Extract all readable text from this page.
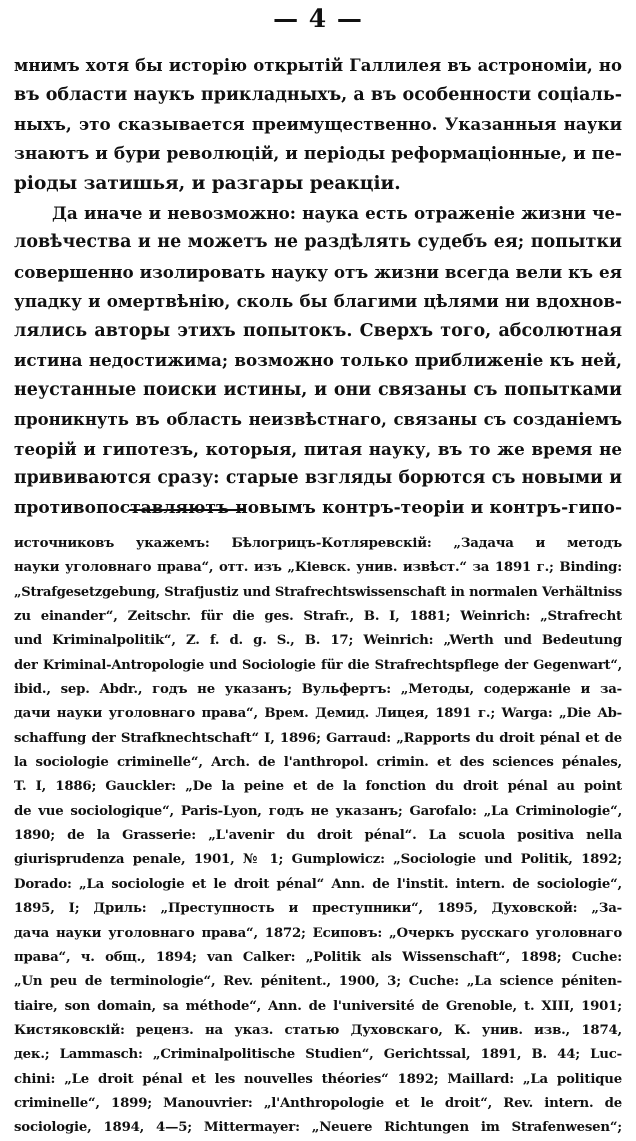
— 4 —
мнимъ хотя бы исторію открытій Галлилея въ астрономіи, но
въ области наукъ прикладныхъ, а въ особенности соціаль-
ныхъ, это сказывается преимущественно. Указанныя науки
знаютъ и бури революцій, и періоды реформаціонные, и пе-
ріоды затишья, и разгары реакціи.
Да иначе и невозможно: наука есть отраженіе жизни че-
ловѣчества и не можетъ не раздѣлять судебъ ея; попытки
совершенно изолировать науку отъ жизни всегда вели къ ея
упадку и омертвѣнію, сколь бы благими цѣлями ни вдохнов-
лялись авторы этихъ попытокъ. Сверхъ того, абсолютная
истина недостижима; возможно только приближеніе къ ней,
неустанные поиски истины, и они связаны съ попытками
проникнуть въ область неизвѣстнаго, связаны съ созданіемъ
теорій и гипотезъ, которыя, питая науку, въ то же время не
прививаются сразу: старые взгляды борются съ новыми и
противопоставляютъ новымъ контръ-теоріи и контръ-гипо-
источниковъ укажемъ: Бѣлогрицъ-Котляревскій: „Задача и методъ
науки уголовнаго права“, отт. изъ „Кіевск. унив. извѣст.“ за 1891 г.; Binding:
„Strafgesetzgebung, Strafjustiz und Strafrechtswissenschaft in normalen Verhältniss
zu einander“, Zeitschr. für die ges. Strafr., B. I, 1881; Weinrich: „Strafrecht
und Kriminalpolitik“, Z. f. d. g. S., B. 17; Weinrich: „Werth und Bedeutung
der Kriminal-Antropologie und Sociologie für die Strafrechtspflege der Gegenwart“,
ibid., sep. Abdr., годъ не указанъ; Вульфертъ: „Методы, содержаніе и за-
дачи науки уголовнаго права“, Врем. Демид. Лицея, 1891 г.; Warga: „Die Ab-
schaffung der Strafknechtschaft“ I, 1896; Garraud: „Rapports du droit pénal et de
la sociologie criminelle“, Arch. de l'anthropol. crimin. et des sciences pénales,
T. I, 1886; Gauckler: „De la peine et de la fonction du droit pénal au point
de vue sociologique“, Paris-Lyon, годъ не указанъ; Garofalo: „La Criminologie“,
1890; de la Grasserie: „L'avenir du droit pénal“. La scuola positiva nella
giurisprudenza penale, 1901, № 1; Gumplowicz: „Sociologie und Politik, 1892;
Dorado: „La sociologie et le droit pénal“ Ann. de l'instit. intern. de sociologie“,
1895, I; Дриль: „Преступность и преступники“, 1895, Духовской: „За-
дача науки уголовнаго права“, 1872; Есиповъ: „Очеркъ русскаго уголовнаго
права“, ч. общ., 1894; van Calker: „Politik als Wissenschaft“, 1898; Cuche:
„Un peu de terminologie“, Rev. pénitent., 1900, 3; Cuche: „La science péniten-
tiaire, son domain, sa méthode“, Ann. de l'université de Grenoble, t. XIII, 1901;
Кистяковскій: реценз. на указ. статью Духовскаго, К. унив. изв., 1874,
дек.; Lammasch: „Criminalpolitische Studien“, Gerichtssal, 1891, B. 44; Luc-
chini: „Le droit pénal et les nouvelles théories“ 1892; Maillard: „La politique
criminelle“, 1899; Manouvrier: „l'Anthropologie et le droit“, Rev. intern. de
sociologie, 1894, 4—5; Mittermayer: „Neuere Richtungen im Strafenwesen“;
